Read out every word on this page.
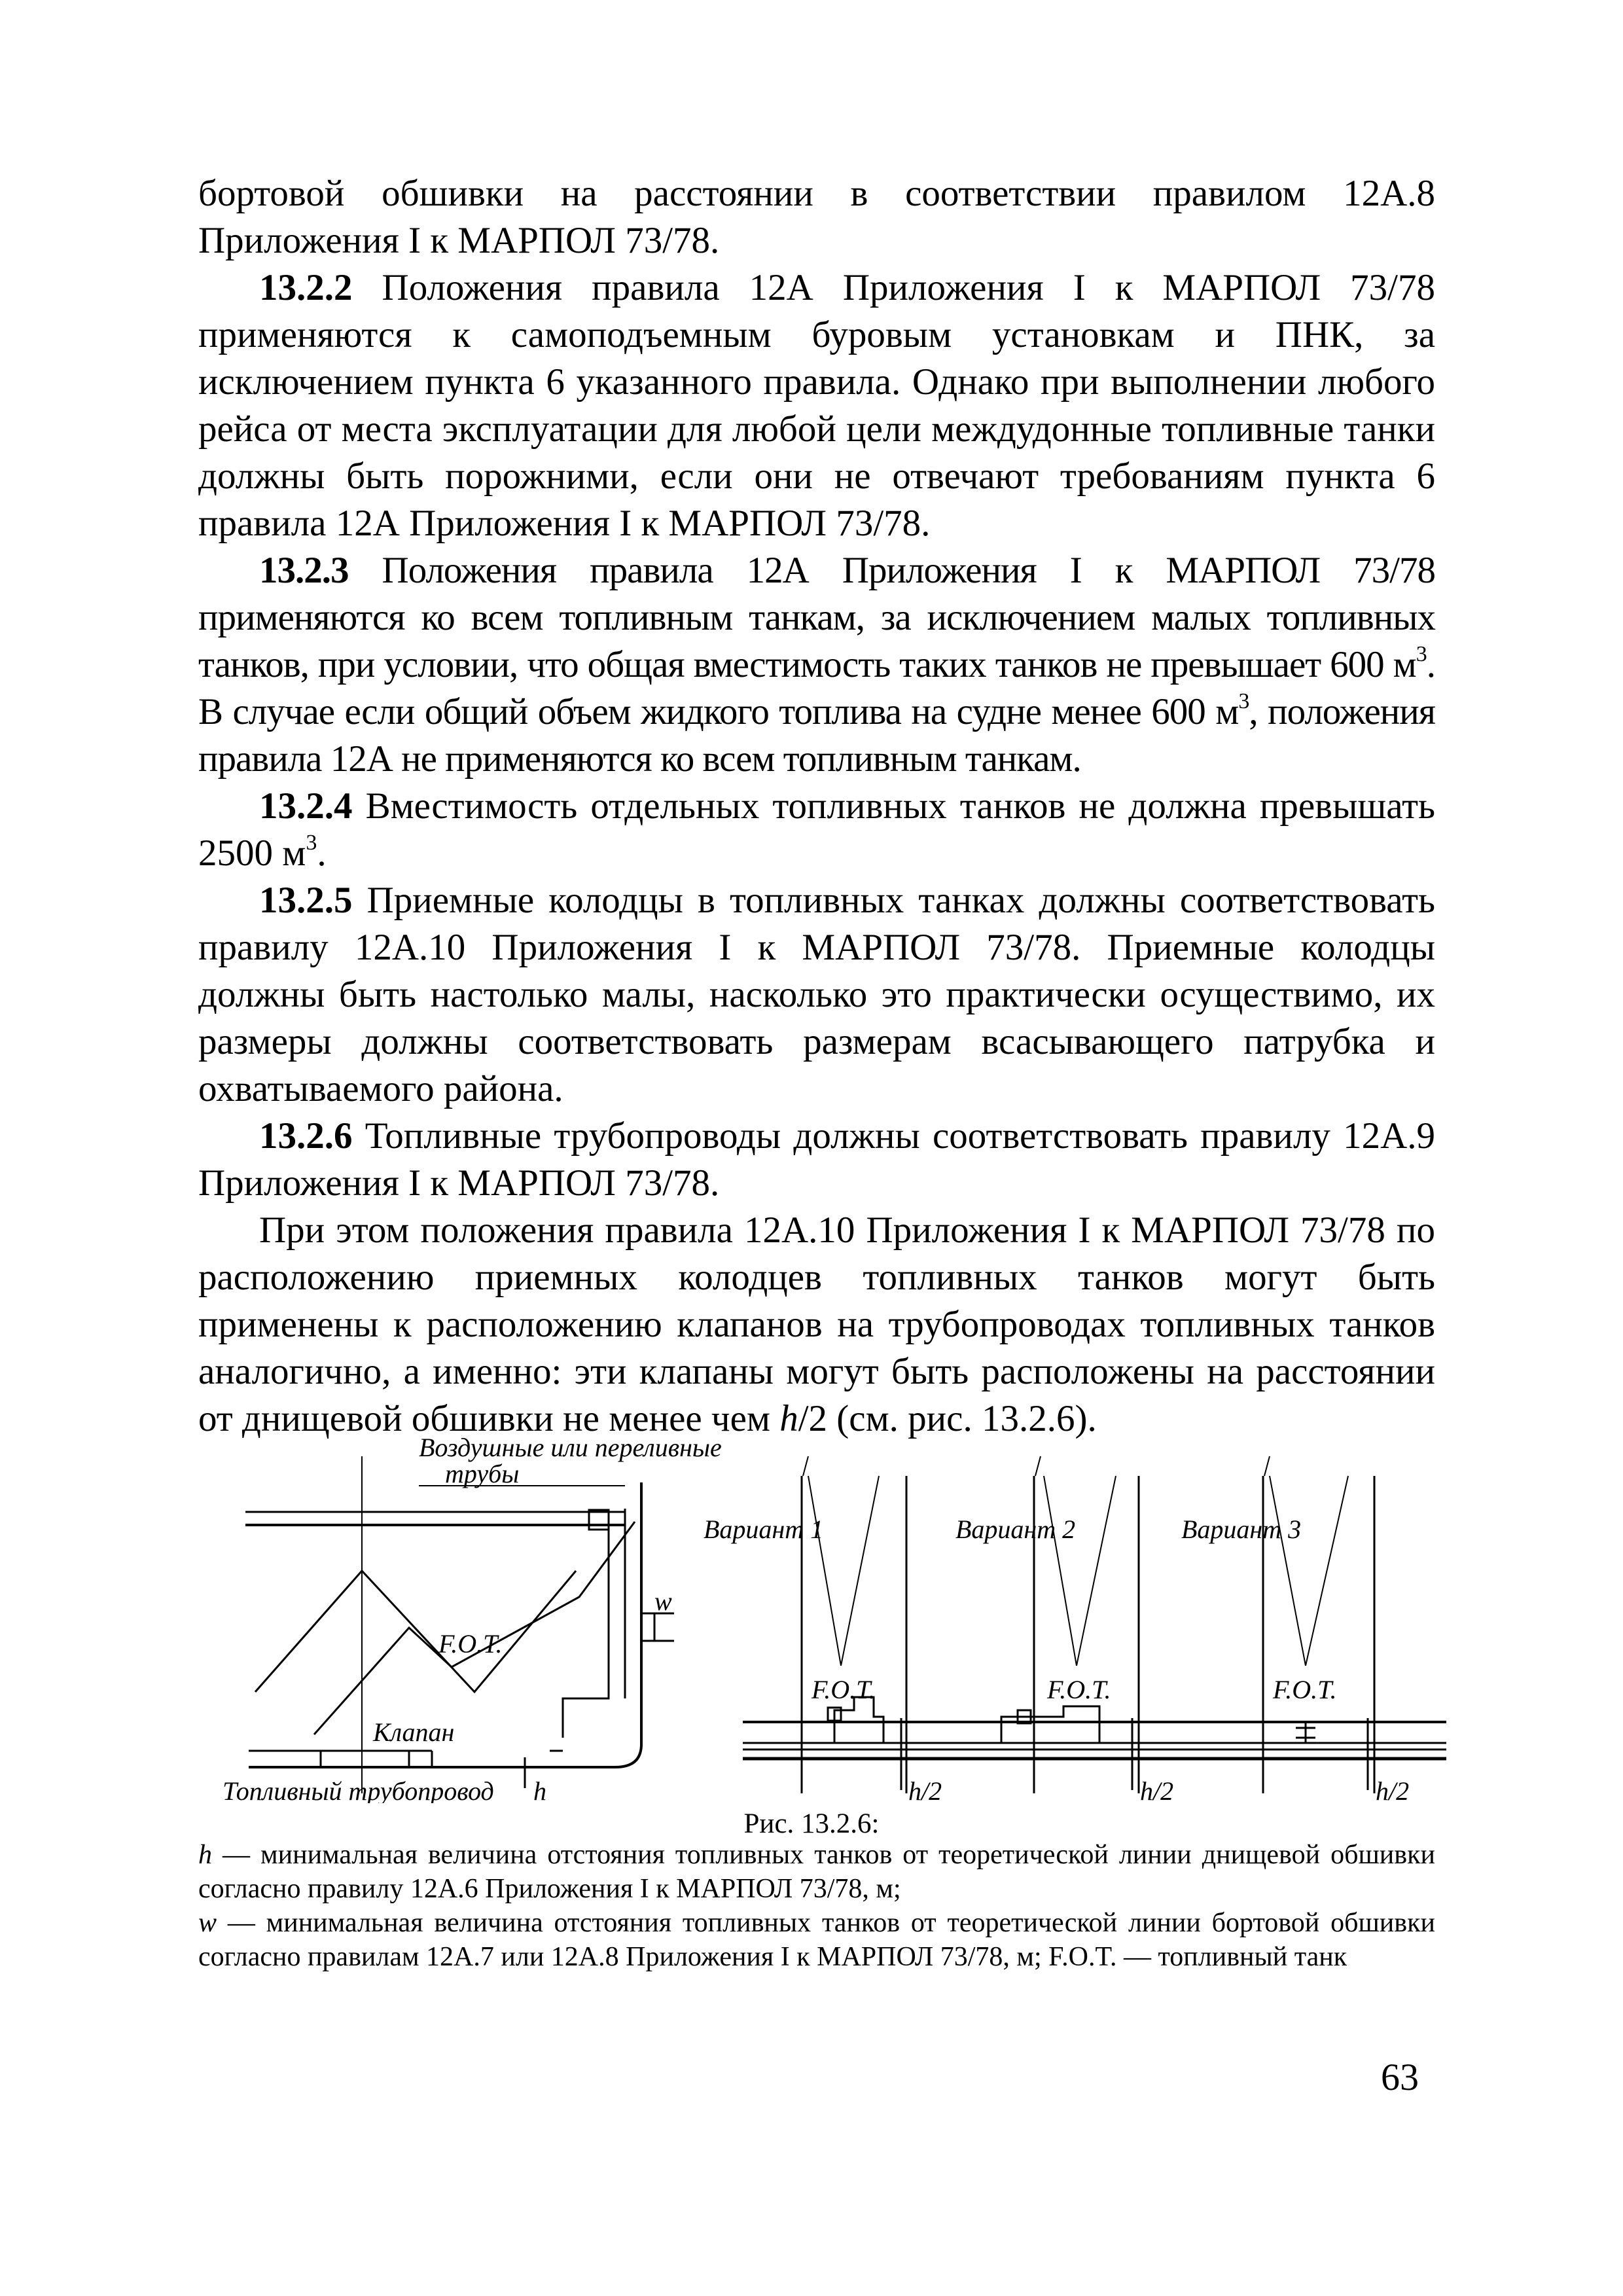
бортовой обшивки на расстоянии в соответствии правилом 12А.8 Приложения I к МАРПОЛ 73/78.

13.2.2 Положения правила 12А Приложения I к МАРПОЛ 73/78 применяются к самоподъемным буровым установкам и ПНК, за исключением пункта 6 указанного правила. Однако при выполнении любого рейса от места эксплуатации для любой цели междудонные топливные танки должны быть порожними, если они не отвечают требованиям пункта 6 правила 12А Приложения I к МАРПОЛ 73/78.

13.2.3 Положения правила 12А Приложения I к МАРПОЛ 73/78 применяются ко всем топливным танкам, за исключением малых топливных танков, при условии, что общая вместимость таких танков не превышает 600 $м^3$. В случае если общий объем жидкого топлива на судне менее 600 $м^3$, положения правила 12А не применяются ко всем топливным танкам.

13.2.4 Вместимость отдельных топливных танков не должна превышать 2500 $м^3$.

13.2.5 Приемные колодцы в топливных танках должны соответствовать правилу 12А.10 Приложения I к МАРПОЛ 73/78. Приемные колодцы должны быть настолько малы, насколько это практически осуществимо, их размеры должны соответствовать размерам всасывающего патрубка и охватываемого района.

13.2.6 Топливные трубопроводы должны соответствовать правилу 12А.9 Приложения I к МАРПОЛ 73/78.

При этом положения правила 12А.10 Приложения I к МАРПОЛ 73/78 по расположению приемных колодцев топливных танков могут быть применены к расположению клапанов на трубопроводах топливных танков аналогично, а именно: эти клапаны могут быть расположены на расстоянии от днищевой обшивки не менее чем h/2 (см. рис. 13.2.6).

Воздушные или переливные
трубы
w
F.O.T.
Клапан
Топливный трубопровод h
Вариант 1	Вариант 2	Вариант 3
F.O.T.	F.O.T.	F.O.T.
h/2	h/2	h/2
Рис. 13.2.6:

h — минимальная величина отстояния топливных танков от теоретической линии днищевой обшивки согласно правилу 12А.6 Приложения I к МАРПОЛ 73/78, м;

w — минимальная величина отстояния топливных танков от теоретической линии бортовой обшивки согласно правилам 12А.7 или 12А.8 Приложения I к МАРПОЛ 73/78, м; F.O.T. — топливный танк

63
